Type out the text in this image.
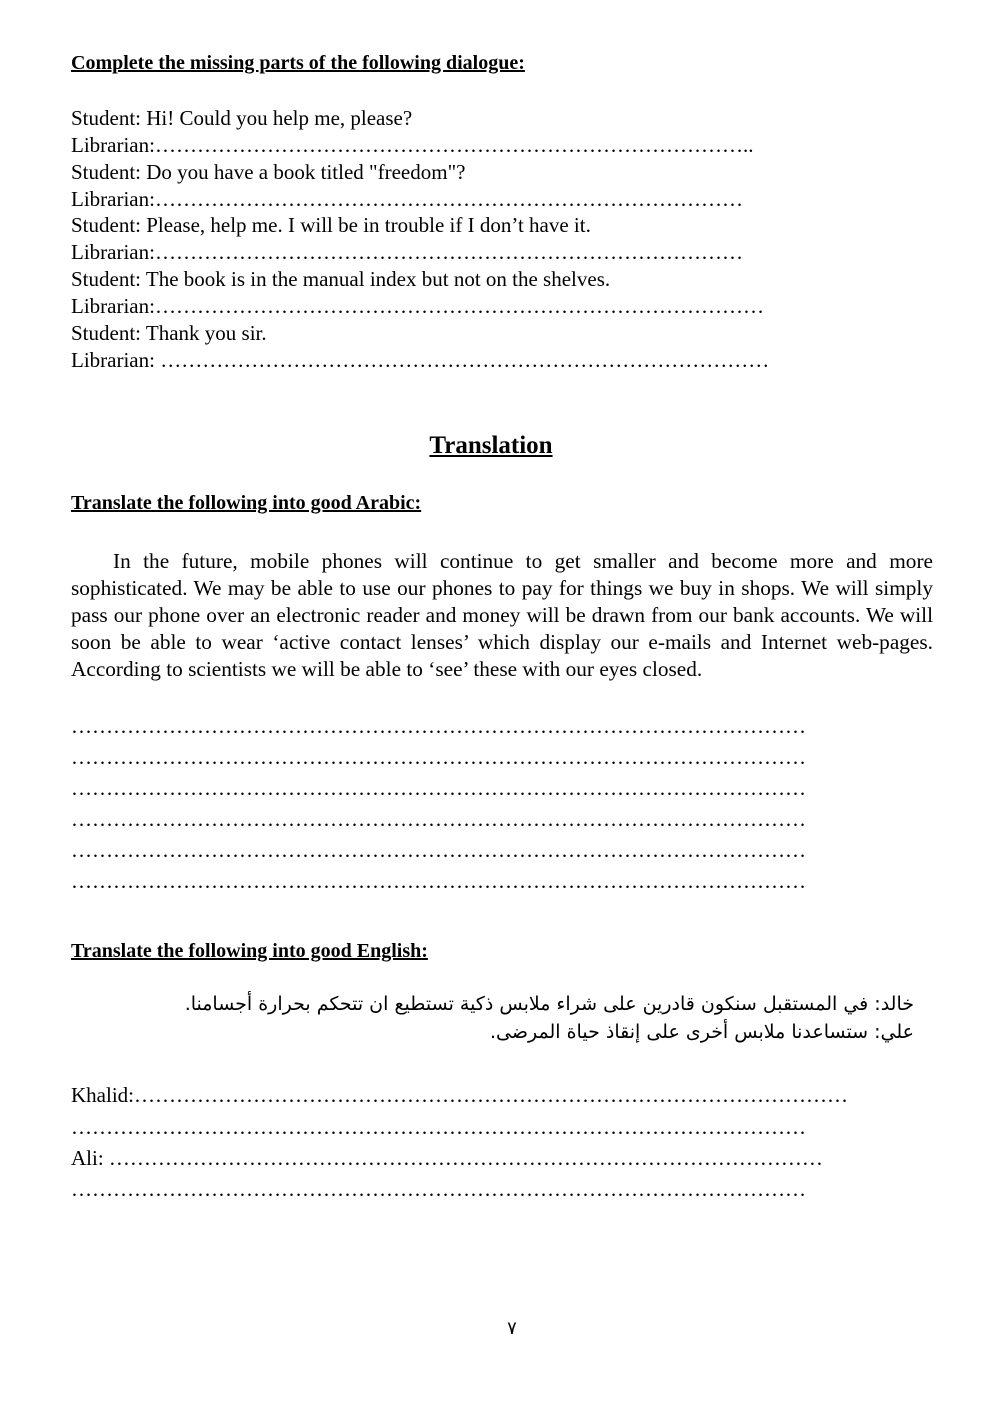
Complete the missing parts of the following dialogue:
Student: Hi! Could you help me, please?
Librarian:…………………………………………………………………………..
Student: Do you have a book titled "freedom"?
Librarian:…………………………………………………………………………
Student: Please, help me. I will be in trouble if I don’t have it.
Librarian:…………………………………………………………………………
Student: The book is in the manual index but not on the shelves.
Librarian:……………………………………………………………………………
Student: Thank you sir.
Librarian: ……………………………………………………………………………
Translation
Translate the following into good Arabic:
In the future, mobile phones will continue to get smaller and become more and more sophisticated. We may be able to use our phones to pay for things we buy in shops. We will simply pass our phone over an electronic reader and money will be drawn from our bank accounts. We will soon be able to wear ‘active contact lenses’ which display our e-mails and Internet web-pages. According to scientists we will be able to ‘see’ these with our eyes closed.
……………………………………………………………………………………………
……………………………………………………………………………………………
……………………………………………………………………………………………
……………………………………………………………………………………………
……………………………………………………………………………………………
……………………………………………………………………………………………
Translate the following into good English:
خالد: في المستقبل سنكون قادرين على شراء ملابس ذكية تستطيع ان تتحكم بحرارة أجسامنا.
علي: ستساعدنا ملابس أخرى على إنقاذ حياة المرضى.
Khalid:…………………………………………………………………………………………
……………………………………………………………………………………………
Ali: …………………………………………………………………………………………
……………………………………………………………………………………………
٧
